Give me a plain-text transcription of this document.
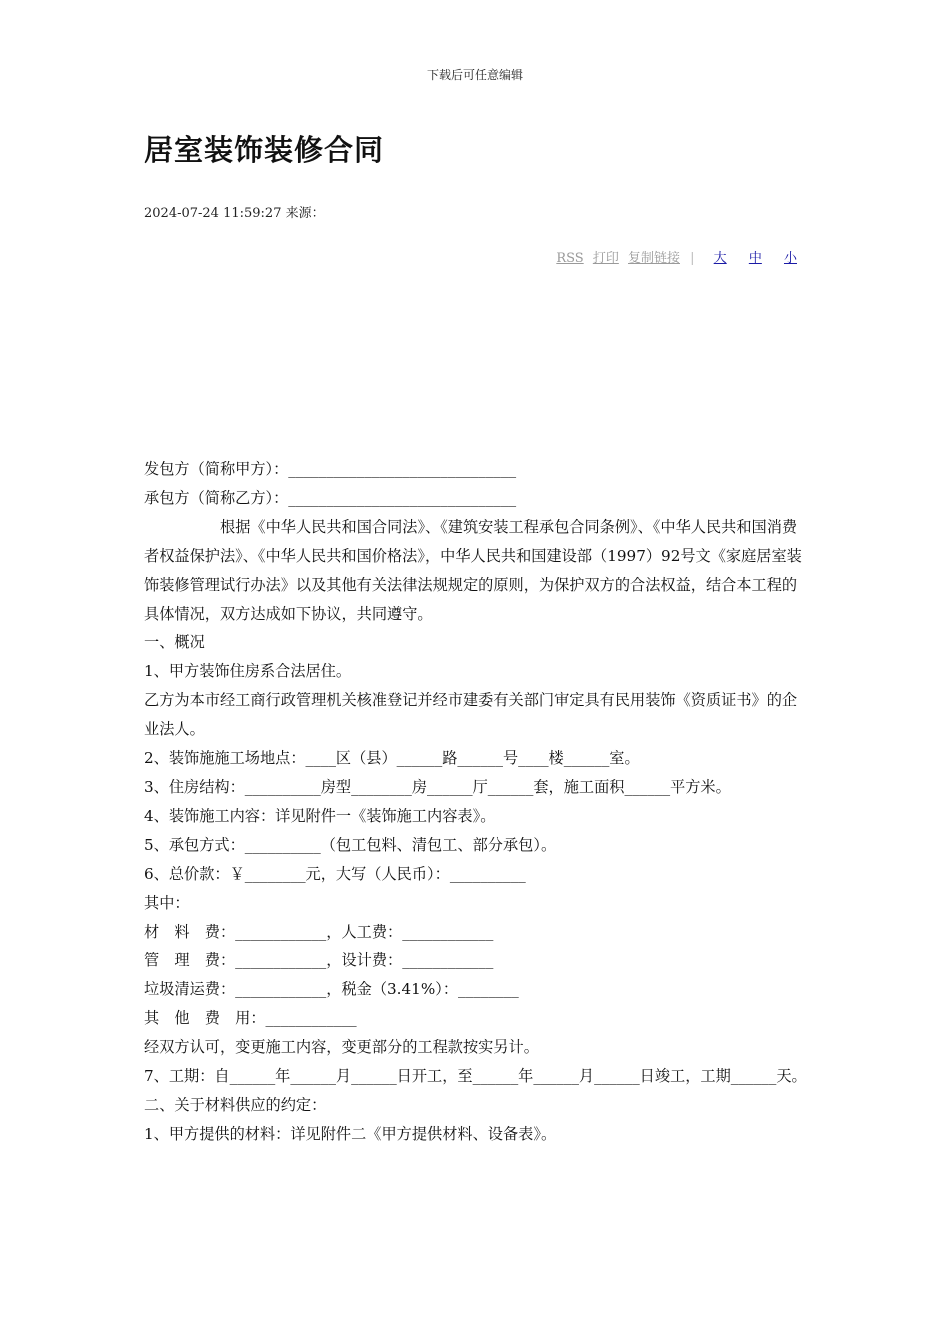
下载后可任意编辑
居室装饰装修合同
2024-07-24 11:59:27 来源：
RSS 打印 复制链接 | 大 中 小

发包方（简称甲方）：______________________________

承包方（简称乙方）：______________________________

根据《中华人民共和国合同法》、《建筑安装工程承包合同条例》、《中华人民共和国消费者权益保护法》、《中华人民共和国价格法》，中华人民共和国建设部（1997）92号文《家庭居室装饰装修管理试行办法》以及其他有关法律法规规定的原则，为保护双方的合法权益，结合本工程的具体情况，双方达成如下协议，共同遵守。

一、概况

1、甲方装饰住房系合法居住。

乙方为本市经工商行政管理机关核准登记并经市建委有关部门审定具有民用装饰《资质证书》的企业法人。

2、装饰施施工场地点：____区（县）______路______号____楼______室。

3、住房结构：__________房型________房______厅______套，施工面积______平方米。

4、装饰施工内容：详见附件一《装饰施工内容表》。

5、承包方式：__________（包工包料、清包工、部分承包）。

6、总价款：￥________元，大写（人民币）：__________

其中：

材　料　费：____________，人工费：____________

管　理　费：____________，设计费：____________

垃圾清运费：____________，税金（3.41%）：________

其　他　费　用：____________

经双方认可，变更施工内容，变更部分的工程款按实另计。

7、工期：自______年______月______日开工，至______年______月______日竣工，工期______天。

二、关于材料供应的约定：

1、甲方提供的材料：详见附件二《甲方提供材料、设备表》。
